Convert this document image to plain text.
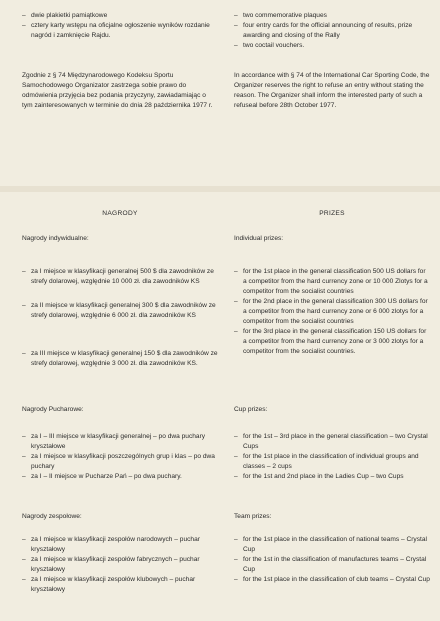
– dwie plakietki pamiątkowe
– cztery karty wstępu na oficjalne ogłoszenie wyników rozdanie nagród i zamknięcie Rajdu.
Zgodnie z § 74 Międzynarodowego Kodeksu Sportu Samochodowego Organizator zastrzega sobie prawo do odmówienia przyjęcia bez podania przyczyny, zawiadamiając o tym zainteresowanych w terminie do dnia 28 października 1977 r.
NAGRODY
Nagrody indywidualne:
– za I miejsce w klasyfikacji generalnej 500 $ dla zawodników ze strefy dolarowej, względnie 10 000 zł. dla zawodników KS
– za II miejsce w klasyfikacji generalnej 300 $ dla zawodników ze strefy dolarowej, względnie 6 000 zł. dla zawodników KS
– za III miejsce w klasyfikacji generalnej 150 $ dla zawodników ze strefy dolarowej, względnie 3 000 zł. dla zawodników KS.
Nagrody Pucharowe:
– za I – III miejsce w klasyfikacji generalnej – po dwa puchary kryształowe
– za I miejsce w klasyfikacji poszczególnych grup i klas – po dwa puchary
– za I – II miejsce w Pucharze Pań – po dwa puchary.
Nagrody zespołowe:
– za I miejsce w klasyfikacji zespołów narodowych – puchar kryształowy
– za I miejsce w klasyfikacji zespołów fabrycznych – puchar kryształowy
– za I miejsce w klasyfikacji zespołów klubowych – puchar kryształowy
– two commemorative plaques
– four entry cards for the official announcing of results, prize awarding and closing of the Rally
– two coctail vouchers.
In accordance with § 74 of the International Car Sporting Code, the Organizer reserves the right to refuse an entry without stating the reason. The Organizer shall inform the interested party of such a refuseal before 28th October 1977.
PRIZES
Individual prizes:
– for the 1st place in the general classification 500 US dollars for a competitor from the hard currency zone or 10 000 Zlotys for a competitor from the socialist countries
– for the 2nd place in the general classification 300 US dollars for a competitor from the hard currency zone or 6 000 zlotys for a competitor from the socialist countries
– for the 3rd place in the general classification 150 US dollars for a competitor from the hard currency zone or 3 000 zlotys for a competitor from the socialist countries.
Cup prizes:
– for the 1st – 3rd place in the general classification – two Crystal Cups
– for the 1st place in the classification of individual groups and classes – 2 cups
– for the 1st and 2nd place in the Ladies Cup – two Cups
Team prizes:
– for the 1st place in the classification of national teams – Crystal Cup
– for the 1st in the classification of manufactures teams – Crystal Cup
– for the 1st place in the classification of club teams – Crystal Cup
